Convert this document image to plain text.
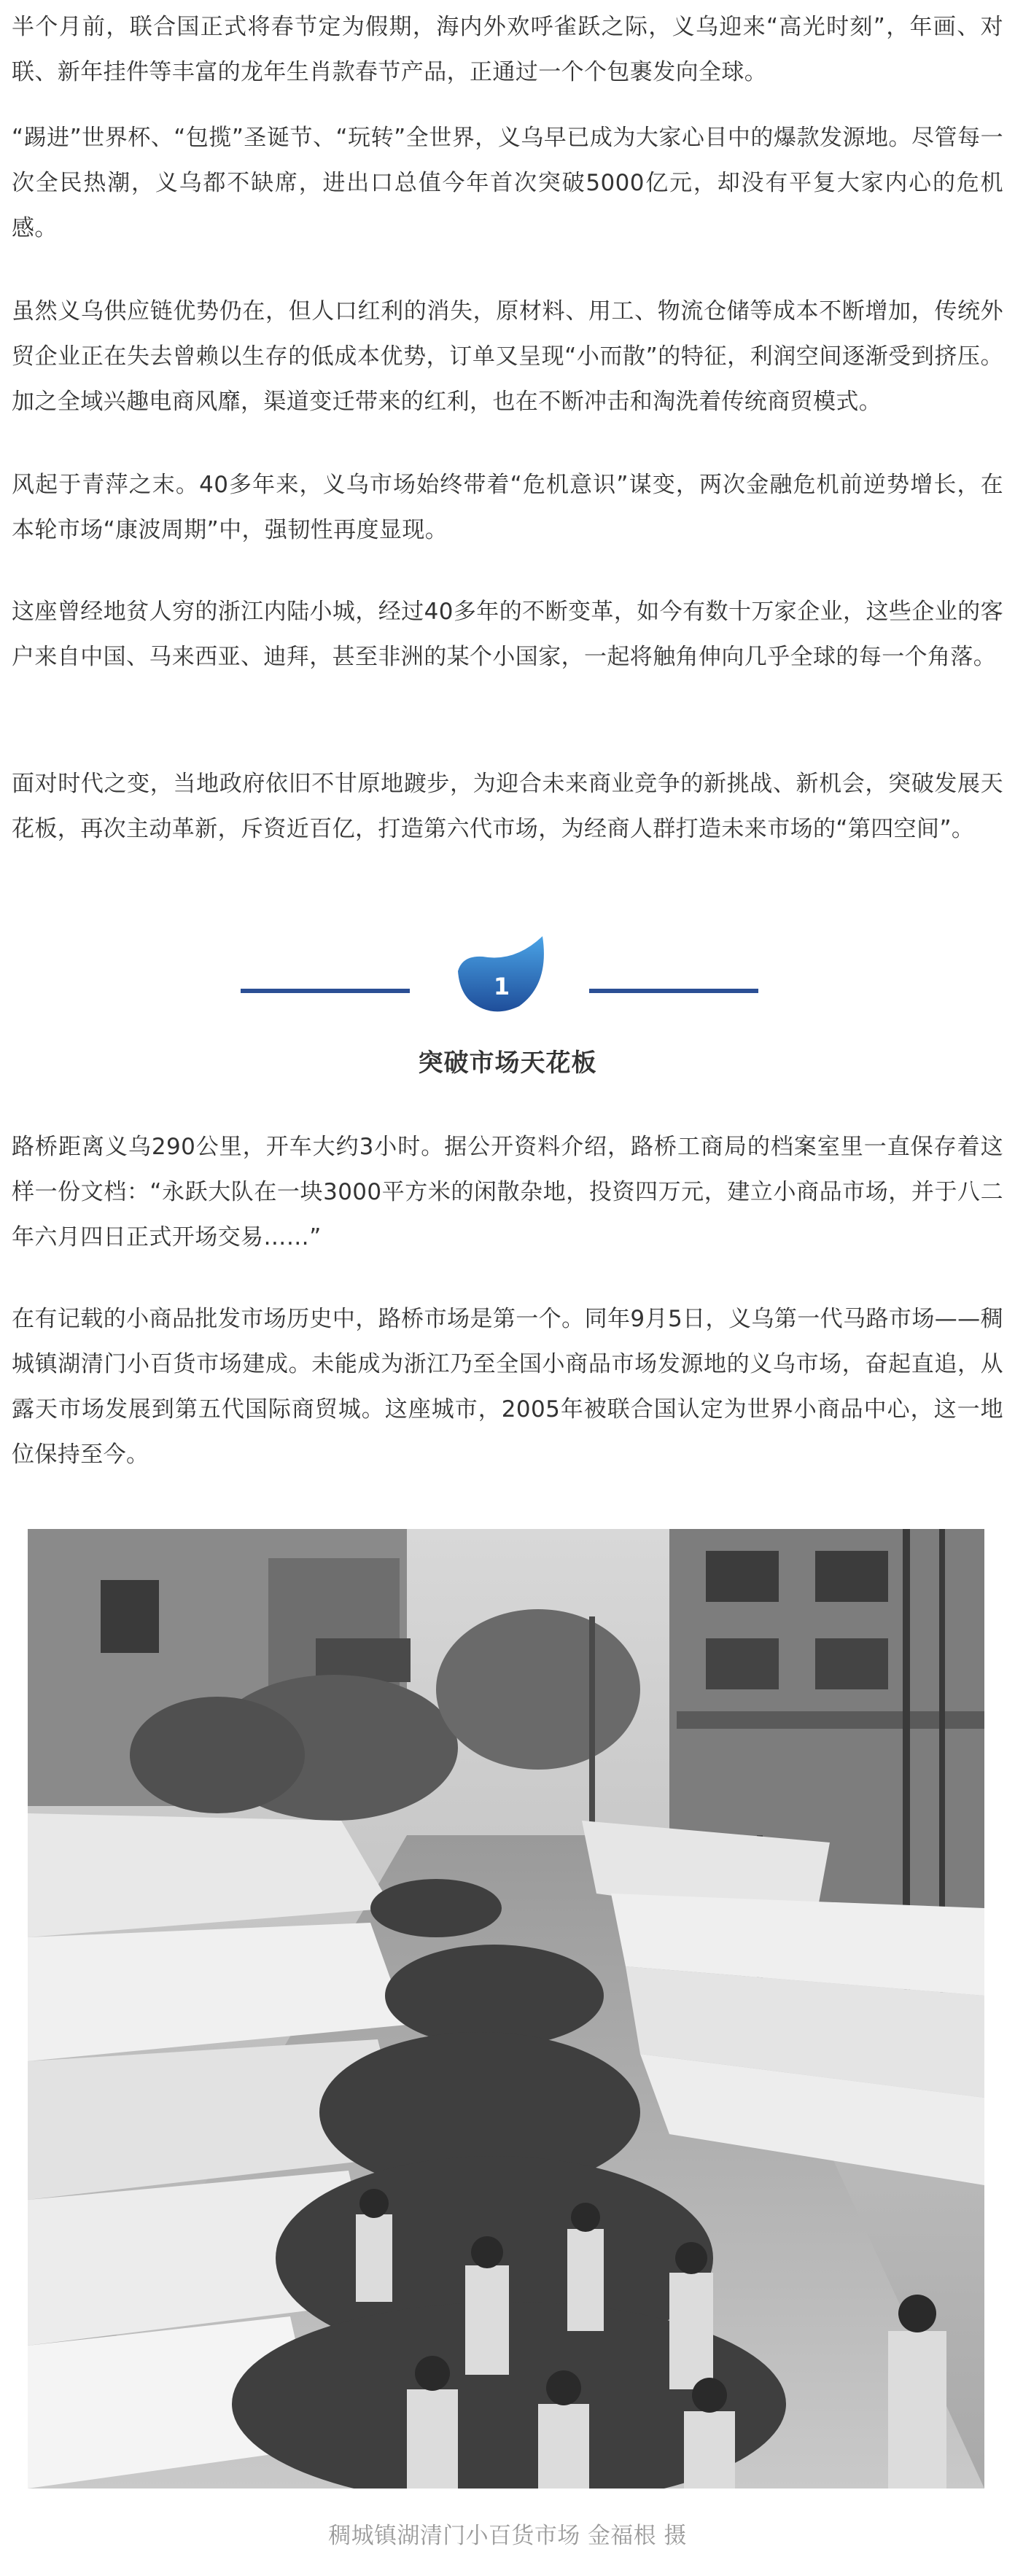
半个月前，联合国正式将春节定为假期，海内外欢呼雀跃之际，义乌迎来“高光时刻”，年画、对联、新年挂件等丰富的龙年生肖款春节产品，正通过一个个包裹发向全球。

“踢进”世界杯、“包揽”圣诞节、“玩转”全世界，义乌早已成为大家心目中的爆款发源地。尽管每一次全民热潮，义乌都不缺席，进出口总值今年首次突破5000亿元，却没有平复大家内心的危机感。

虽然义乌供应链优势仍在，但人口红利的消失，原材料、用工、物流仓储等成本不断增加，传统外贸企业正在失去曾赖以生存的低成本优势，订单又呈现“小而散”的特征，利润空间逐渐受到挤压。加之全域兴趣电商风靡，渠道变迁带来的红利，也在不断冲击和淘洗着传统商贸模式。

风起于青萍之末。40多年来，义乌市场始终带着“危机意识”谋变，两次金融危机前逆势增长，在本轮市场“康波周期”中，强韧性再度显现。

这座曾经地贫人穷的浙江内陆小城，经过40多年的不断变革，如今有数十万家企业，这些企业的客户来自中国、马来西亚、迪拜，甚至非洲的某个小国家，一起将触角伸向几乎全球的每一个角落。

面对时代之变，当地政府依旧不甘原地踱步，为迎合未来商业竞争的新挑战、新机会，突破发展天花板，再次主动革新，斥资近百亿，打造第六代市场，为经商人群打造未来市场的“第四空间”。

1
突破市场天花板

路桥距离义乌290公里，开车大约3小时。据公开资料介绍，路桥工商局的档案室里一直保存着这样一份文档：“永跃大队在一块3000平方米的闲散杂地，投资四万元，建立小商品市场，并于八二年六月四日正式开场交易……”

在有记载的小商品批发市场历史中，路桥市场是第一个。同年9月5日，义乌第一代马路市场——稠城镇湖清门小百货市场建成。未能成为浙江乃至全国小商品市场发源地的义乌市场，奋起直追，从露天市场发展到第五代国际商贸城。这座城市，2005年被联合国认定为世界小商品中心，这一地位保持至今。

稠城镇湖清门小百货市场 金福根 摄
